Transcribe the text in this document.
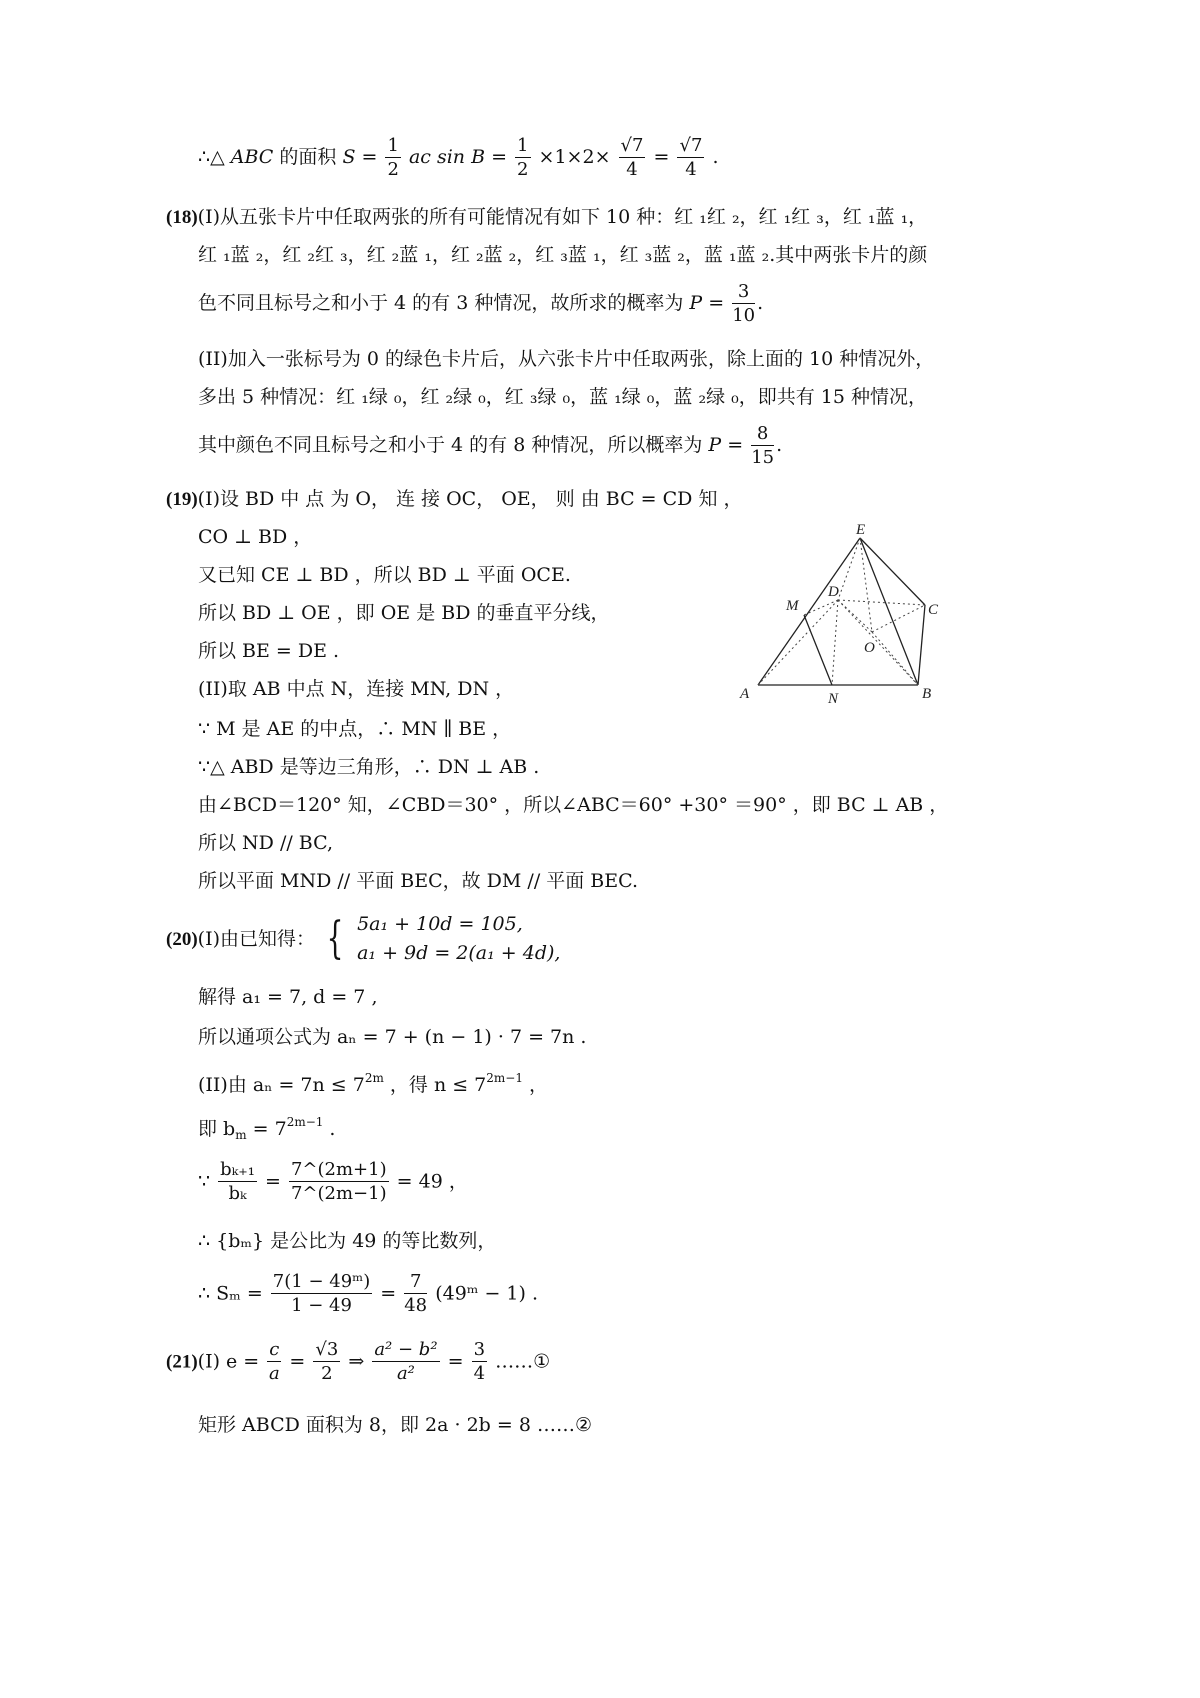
∴△ ABC 的面积 $S = \frac{1}{2}$ ac $\sin B = \frac{1}{2} \times 1\times 2\times \frac{√7}{4} = \frac{√7}{4}$ .
(18)(I)从五张卡片中任取两张的所有可能情况有如下 10 种：红 ₁红 ₂，红 ₁红 ₃，红 ₁蓝 ₁，
红 ₁蓝 ₂，红 ₂红 ₃，红 ₂蓝 ₁，红 ₂蓝 ₂，红 ₃蓝 ₁，红 ₃蓝 ₂，蓝 ₁蓝 ₂.其中两张卡片的颜
色不同且标号之和小于 4 的有 3 种情况，故所求的概率为 $P = \frac{3}{10}$ .
(II)加入一张标号为 0 的绿色卡片后，从六张卡片中任取两张，除上面的 10 种情况外，
多出 5 种情况：红 ₁绿 ₀，红 ₂绿 ₀，红 ₃绿 ₀，蓝 ₁绿 ₀，蓝 ₂绿 ₀，即共有 15 种情况，
其中颜色不同且标号之和小于 4 的有 8 种情况，所以概率为 $P = \frac{8}{15}$ .
(19)(I)设 BD 中 点 为 O， 连 接 OC， OE， 则 由 BC = CD 知 ，
CO ⊥ BD ，
又已知 CE ⊥ BD ，所以 BD ⊥ 平面 OCE.
所以 BD ⊥ OE ，即 OE 是 BD 的垂直平分线，
所以 BE = DE .
(II)取 AB 中点 N，连接 MN, DN ，
∵ M 是 AE 的中点，∴ MN ∥ BE ，
∵△ ABD 是等边三角形，∴ DN ⊥ AB .
由∠BCD＝120° 知，∠CBD＝30° ，所以∠ABC＝60° +30° ＝90° ，即 BC ⊥ AB ，
所以 ND // BC,
所以平面 MND // 平面 BEC，故 DM // 平面 BEC.
E
M
D
C
O
A	N	B
(20)(I)由已知得： { 5a₁ + 10d = 105,
a₁ + 9d = 2(a₁ + 4d),
解得 a₁ = 7, d = 7 ,
所以通项公式为 aₙ = 7 + (n − 1) · 7 = 7n .
(II)由 $a_n = 7n \le 7^{2m}$ ，得 $n \le 7^{2m-1}$ ，
即 $b_m = 7^{2m-1}$ .
∵ $\frac{\text{bₖ₊₁}}{\text{bₖ}} = \frac{7\^{}(2m+1)}{7\^{}(2m-1)} = 49$ ，
∴ {bₘ} 是公比为 49 的等比数列，
∴ $S_m = \frac{\text{7(1 − 49ᵐ)}}{1 - 49} = \frac{7}{48}$ (49ᵐ − 1) .
(21)(I) $e = \frac{c}{a} = \frac{√3}{2}$ ⇒ $\frac{\text{a² − b²}}{\text{a²}} = \frac{3}{4}$ ……①
矩形 ABCD 面积为 8，即 2a · 2b = 8 ……②
